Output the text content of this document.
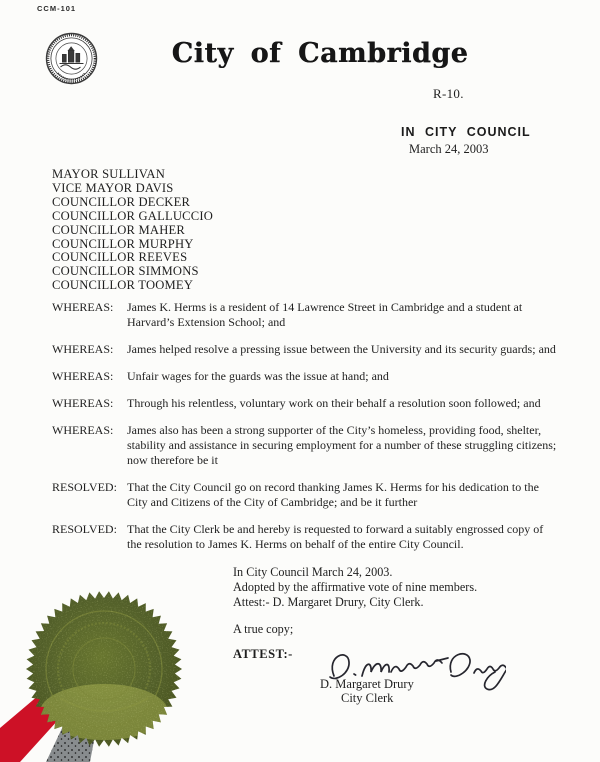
CCM-101
City of Cambridge
R-10.
IN CITY COUNCIL
March 24, 2003
MAYOR SULLIVAN
VICE MAYOR DAVIS
COUNCILLOR DECKER
COUNCILLOR GALLUCCIO
COUNCILLOR MAHER
COUNCILLOR MURPHY
COUNCILLOR REEVES
COUNCILLOR SIMMONS
COUNCILLOR TOOMEY
WHEREAS:	James K. Herms is a resident of 14 Lawrence Street in Cambridge and a student at Harvard’s Extension School; and
WHEREAS:	James helped resolve a pressing issue between the University and its security guards; and
WHEREAS:	Unfair wages for the guards was the issue at hand; and
WHEREAS:	Through his relentless, voluntary work on their behalf a resolution soon followed; and
WHEREAS:	James also has been a strong supporter of the City’s homeless, providing food, shelter, stability and assistance in securing employment for a number of these struggling citizens; now therefore be it
RESOLVED: That the City Council go on record thanking James K. Herms for his dedication to the City and Citizens of the City of Cambridge; and be it further
RESOLVED: That the City Clerk be and hereby is requested to forward a suitably engrossed copy of the resolution to James K. Herms on behalf of the entire City Council.
In City Council March 24, 2003.
Adopted by the affirmative vote of nine members.
Attest:- D. Margaret Drury, City Clerk.
A true copy;
ATTEST:-
D. Margaret Drury
City Clerk
